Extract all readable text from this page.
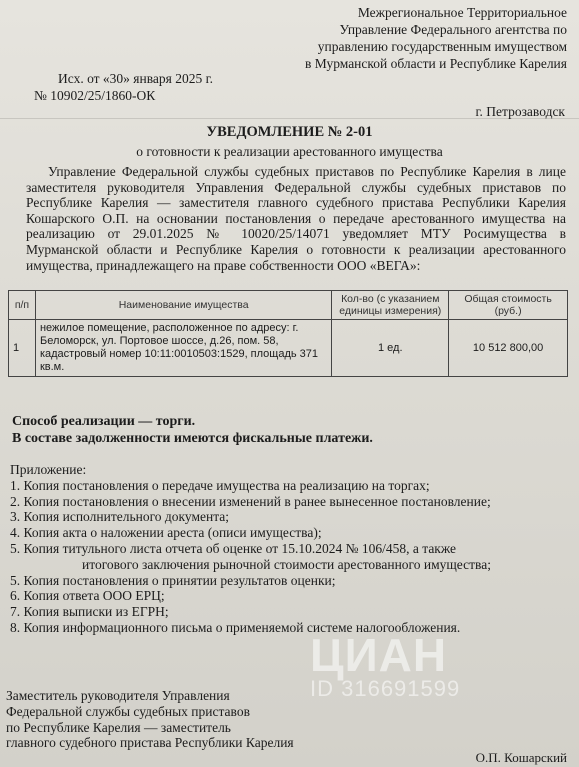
Межрегиональное Территориальное
Управление Федерального агентства по
управлению государственным имуществом
в Мурманской области и Республике Карелия
Исх. от «30» января 2025 г.
№ 10902/25/1860-ОК
г. Петрозаводск
УВЕДОМЛЕНИЕ № 2-01
о готовности к реализации арестованного имущества
Управление Федеральной службы судебных приставов по Республике Карелия в лице
заместителя руководителя Управления Федеральной службы судебных приставов по
Республике Карелия — заместителя главного судебного пристава Республики Карелия
Кошарского О.П. на основании постановления о передаче арестованного имущества на
реализацию от 29.01.2025 № 10020/25/14071 уведомляет МТУ Росимущества в
Мурманской области и Республике Карелия о готовности к реализации арестованного
имущества, принадлежащего на праве собственности ООО «ВЕГА»:
п/п	Наименование имущества	Кол-во (с указанием единицы измерения)	Общая стоимость (руб.)
1	нежилое помещение, расположенное по адресу: г. Беломорск, ул. Портовое шоссе, д.26, пом. 58, кадастровый номер 10:11:0010503:1529, площадь 371 кв.м.	1 ед.	10 512 800,00
Способ реализации — торги.
В составе задолженности имеются фискальные платежи.
Приложение:
1. Копия постановления о передаче имущества на реализацию на торгах;
2. Копия постановления о внесении изменений в ранее вынесенное постановление;
3. Копия исполнительного документа;
4. Копия акта о наложении ареста (описи имущества);
5. Копия титульного листа отчета об оценке от 15.10.2024 № 106/458, а также
итогового заключения рыночной стоимости арестованного имущества;
5. Копия постановления о принятии результатов оценки;
6. Копия ответа ООО ЕРЦ;
7. Копия выписки из ЕГРН;
8. Копия информационного письма о применяемой системе налогообложения.
ЦИАН
ID 316691599
Заместитель руководителя Управления
Федеральной службы судебных приставов
по Республике Карелия — заместитель
главного судебного пристава Республики Карелия
О.П. Кошарский
